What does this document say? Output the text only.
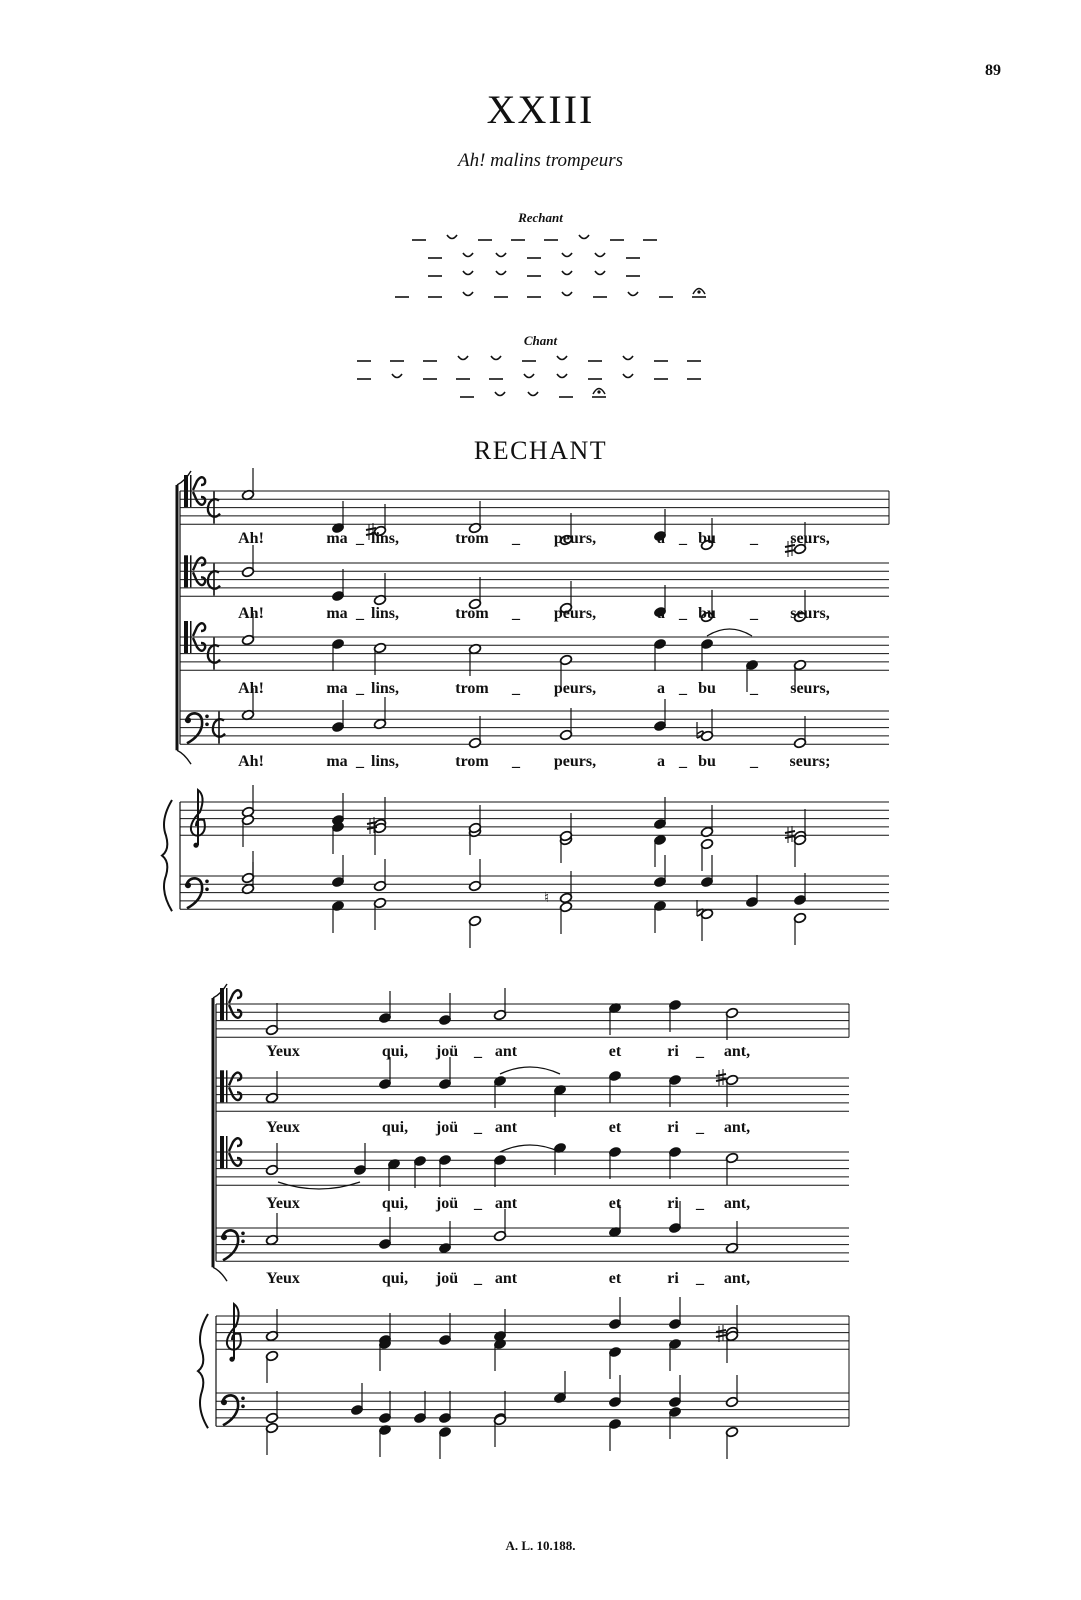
89
XXIII
Ah! malins trompeurs
Rechant
Chant
RECHANT
♮
Ah!	ma _ lins,	trom _ peurs,	a _ bu _ seurs,
Ah!	ma _ lins,	trom _ peurs,	a _ bu _ seurs,
Ah!	ma _ lins,	trom _ peurs,	a _ bu _ seurs,
Ah!	ma _ lins,	trom _ peurs,	a _ bu _ seurs;
Yeux	qui, joü _ ant	et	ri _ ant,
Yeux	qui, joü _ ant	et	ri _ ant,
Yeux	qui, joü _ ant	et	ri _ ant,
Yeux	qui, joü _ ant	et	ri _ ant,
A. L. 10.188.
